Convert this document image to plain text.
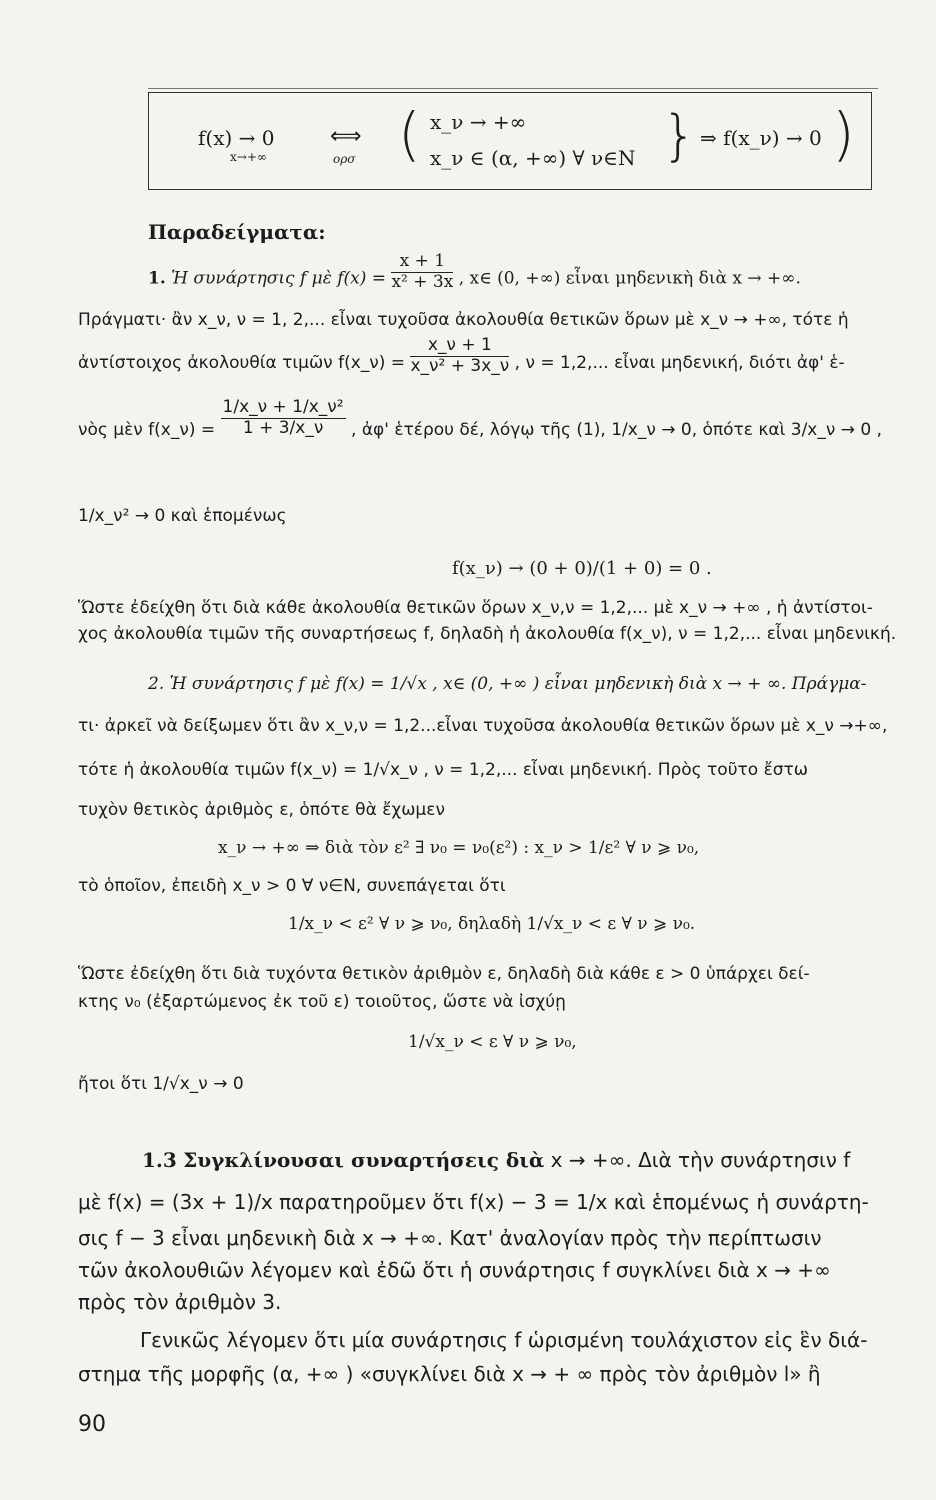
f(x) → 0
x→+∞
⟺
ορσ ( x_ν → +∞
x_ν ∈ (α, +∞) ∀ ν∈N } ⇒ f(x_ν) → 0 )
Παραδείγματα:
1. Ἡ συνάρτησις f μὲ $f(x) = \frac{x + 1}{\text{x² + 3x}}$ , x∈ (0, +∞) εἶναι μηδενικὴ διὰ x → +∞.
Πράγματι· ἂν x_ν, ν = 1, 2,... εἶναι τυχοῦσα ἀκολουθία θετικῶν ὅρων μὲ x_ν → +∞, τότε ἡ
ἀντίστοιχος ἀκολουθία τιμῶν f(x_ν) = $\frac{x\_\nu + 1}{\text{x\_ν² + 3x\_ν}}$ , ν = 1,2,... εἶναι μηδενική, διότι ἀφ' ἑ-
νὸς μὲν f(x_ν) = $\frac{\text{1/x\_ν + 1/x\_ν²}}{1 + 3/x\_\nu}$ , ἀφ' ἑτέρου δέ, λόγῳ τῆς (1), 1/x_ν → 0, ὁπότε καὶ 3/x_ν → 0 ,
1/x_ν² → 0 καὶ ἑπομένως
f(x_ν) → (0 + 0)/(1 + 0) = 0 .
Ὥστε ἐδείχθη ὅτι διὰ κάθε ἀκολουθία θετικῶν ὅρων x_ν,ν = 1,2,... μὲ x_ν → +∞ , ἡ ἀντίστοι-
χος ἀκολουθία τιμῶν τῆς συναρτήσεως f, δηλαδὴ ἡ ἀκολουθία f(x_ν), ν = 1,2,... εἶναι μηδενική.
2. Ἡ συνάρτησις f μὲ f(x) = 1/√x , x∈ (0, +∞ ) εἶναι μηδενικὴ διὰ x → + ∞. Πράγμα-
τι· ἀρκεῖ νὰ δείξωμεν ὅτι ἂν x_ν,ν = 1,2...εἶναι τυχοῦσα ἀκολουθία θετικῶν ὅρων μὲ x_ν →+∞,
τότε ἡ ἀκολουθία τιμῶν f(x_ν) = 1/√x_ν , ν = 1,2,... εἶναι μηδενική. Πρὸς τοῦτο ἔστω
τυχὸν θετικὸς ἀριθμὸς ε, ὁπότε θὰ ἔχωμεν
x_ν → +∞ ⇒ διὰ τὸν ε² ∃ ν₀ = ν₀(ε²) : x_ν > 1/ε² ∀ ν ⩾ ν₀,
τὸ ὁποῖον, ἐπειδὴ x_ν > 0 ∀ ν∈N, συνεπάγεται ὅτι
1/x_ν < ε² ∀ ν ⩾ ν₀, δηλαδὴ 1/√x_ν < ε ∀ ν ⩾ ν₀.
Ὥστε ἐδείχθη ὅτι διὰ τυχόντα θετικὸν ἀριθμὸν ε, δηλαδὴ διὰ κάθε ε > 0 ὑπάρχει δεί-
κτης ν₀ (ἐξαρτώμενος ἐκ τοῦ ε) τοιοῦτος, ὥστε νὰ ἰσχύῃ
1/√x_ν < ε ∀ ν ⩾ ν₀,
ἤτοι ὅτι 1/√x_ν → 0
1.3 Συγκλίνουσαι συναρτήσεις διὰ x → +∞. Διὰ τὴν συνάρτησιν f
μὲ f(x) = (3x + 1)/x παρατηροῦμεν ὅτι f(x) − 3 = 1/x καὶ ἑπομένως ἡ συνάρτη-
σις f − 3 εἶναι μηδενικὴ διὰ x → +∞. Κατ' ἀναλογίαν πρὸς τὴν περίπτωσιν
τῶν ἀκολουθιῶν λέγομεν καὶ ἐδῶ ὅτι ἡ συνάρτησις f συγκλίνει διὰ x → +∞
πρὸς τὸν ἀριθμὸν 3.
Γενικῶς λέγομεν ὅτι μία συνάρτησις f ὡρισμένη τουλάχιστον εἰς ἓν διά-
στημα τῆς μορφῆς (α, +∞ ) «συγκλίνει διὰ x → + ∞ πρὸς τὸν ἀριθμὸν l» ἢ
90
